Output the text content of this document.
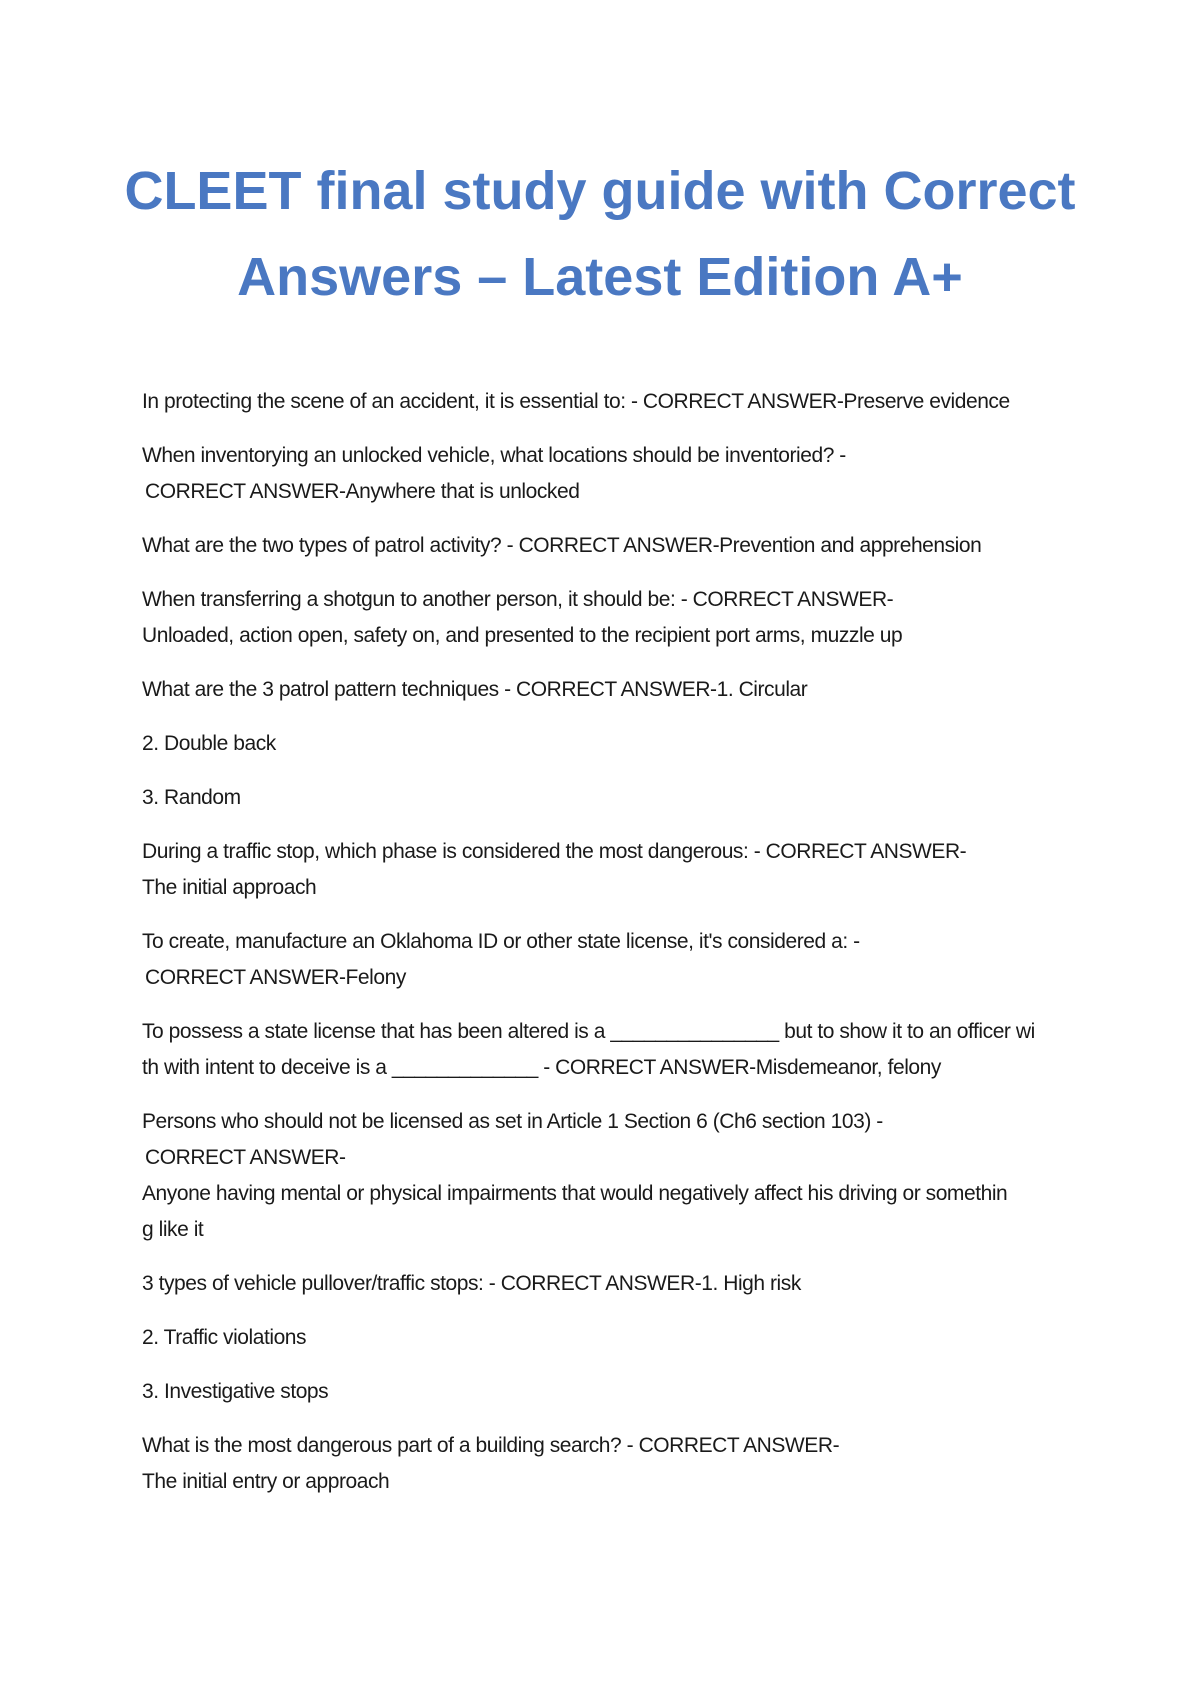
CLEET final study guide with Correct
Answers – Latest Edition A+

In protecting the scene of an accident, it is essential to: - CORRECT ANSWER-Preserve evidence

When inventorying an unlocked vehicle, what locations should be inventoried? -
CORRECT ANSWER-Anywhere that is unlocked

What are the two types of patrol activity? - CORRECT ANSWER-Prevention and apprehension

When transferring a shotgun to another person, it should be: - CORRECT ANSWER-
Unloaded, action open, safety on, and presented to the recipient port arms, muzzle up

What are the 3 patrol pattern techniques - CORRECT ANSWER-1. Circular

2. Double back

3. Random

During a traffic stop, which phase is considered the most dangerous: - CORRECT ANSWER-
The initial approach

To create, manufacture an Oklahoma ID or other state license, it's considered a: -
CORRECT ANSWER-Felony

To possess a state license that has been altered is a _______________ but to show it to an officer wi
th with intent to deceive is a _____________ - CORRECT ANSWER-Misdemeanor, felony

Persons who should not be licensed as set in Article 1 Section 6 (Ch6 section 103) -
CORRECT ANSWER-
Anyone having mental or physical impairments that would negatively affect his driving or somethin
g like it

3 types of vehicle pullover/traffic stops: - CORRECT ANSWER-1. High risk

2. Traffic violations

3. Investigative stops

What is the most dangerous part of a building search? - CORRECT ANSWER-
The initial entry or approach
